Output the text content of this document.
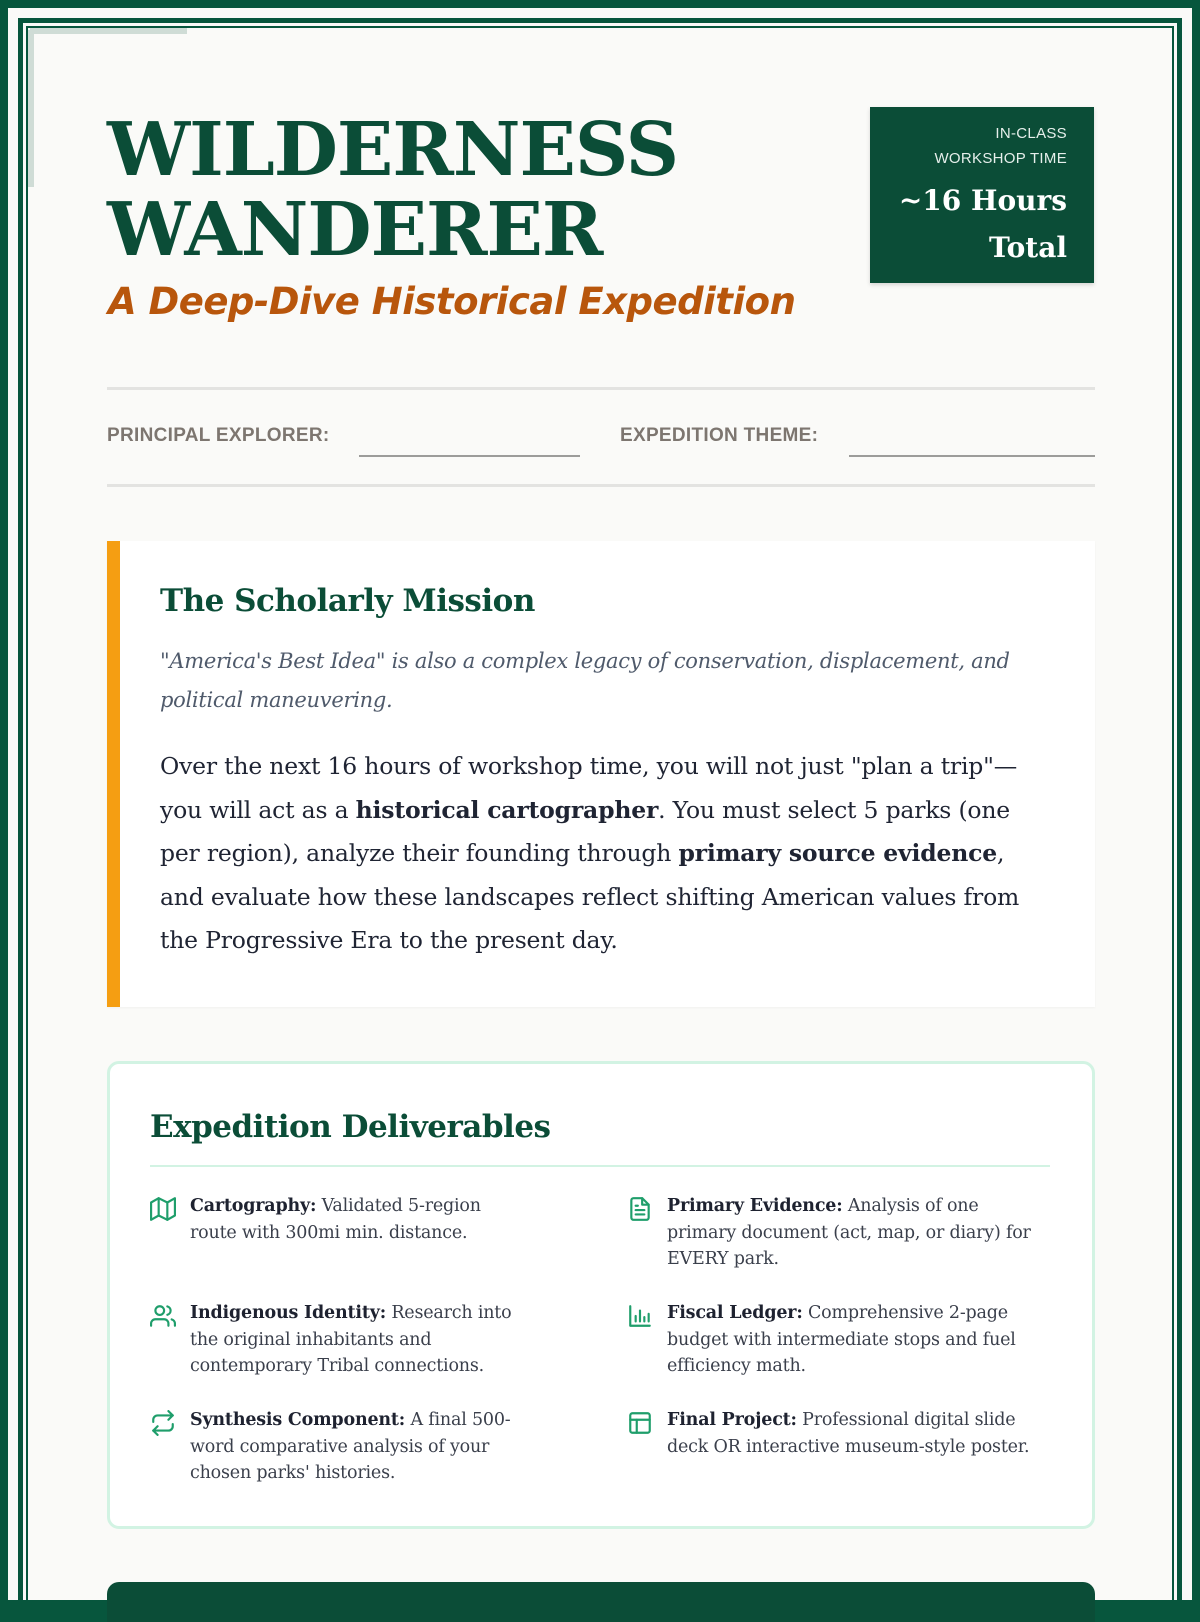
WILDERNESS
WANDERER

A Deep-Dive Historical Expedition

IN-CLASS
WORKSHOP TIME
~16 Hours
Total
PRINCIPAL EXPLORER:	EXPEDITION THEME:
The Scholarly Mission

"America's Best Idea" is also a complex legacy of conservation, displacement, and political maneuvering.

Over the next 16 hours of workshop time, you will not just "plan a trip"—you will act as a historical cartographer. You must select 5 parks (one per region), analyze their founding through primary source evidence, and evaluate how these landscapes reflect shifting American values from the Progressive Era to the present day.

Expedition Deliverables
Cartography: Validated 5-region route with 300mi min. distance.
Primary Evidence: Analysis of one primary document (act, map, or diary) for EVERY park.
Indigenous Identity: Research into the original inhabitants and contemporary Tribal connections.
Fiscal Ledger: Comprehensive 2-page budget with intermediate stops and fuel efficiency math.
Synthesis Component: A final 500-word comparative analysis of your chosen parks' histories.
Final Project: Professional digital slide deck OR interactive museum-style poster.
